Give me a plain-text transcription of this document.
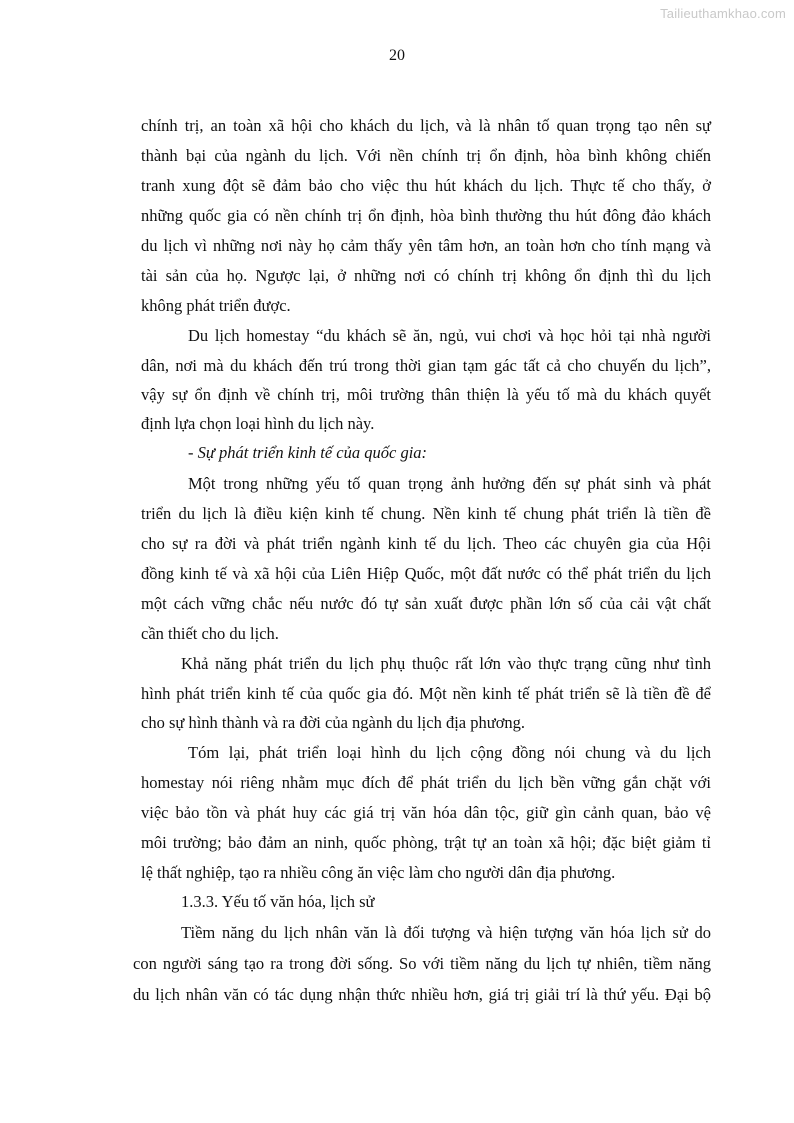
Tailieuthamkhao.com
20
chính trị, an toàn xã hội cho khách du lịch, và là nhân tố quan trọng tạo nên sự
thành bại của ngành du lịch. Với nền chính trị ổn định, hòa bình không chiến
tranh xung đột sẽ đảm bảo cho việc thu hút khách du lịch. Thực tế cho thấy, ở
những quốc gia có nền chính trị ổn định, hòa bình thường thu hút đông đảo khách
du lịch vì những nơi này họ cảm thấy yên tâm hơn, an toàn hơn cho tính mạng và
tài sản của họ. Ngược lại, ở những nơi có chính trị không ổn định thì du lịch
không phát triển được.
Du lịch homestay “du khách sẽ ăn, ngủ, vui chơi và học hỏi tại nhà người
dân, nơi mà du khách đến trú trong thời gian tạm gác tất cả cho chuyến du lịch”,
vậy sự ổn định về chính trị, môi trường thân thiện là yếu tố mà du khách quyết
định lựa chọn loại hình du lịch này.
- Sự phát triển kinh tế của quốc gia:
Một trong những yếu tố quan trọng ảnh hưởng đến sự phát sinh và phát
triển du lịch là điều kiện kinh tế chung. Nền kinh tế chung phát triển là tiền đề
cho sự ra đời và phát triển ngành kinh tế du lịch. Theo các chuyên gia của Hội
đồng kinh tế và xã hội của Liên Hiệp Quốc, một đất nước có thể phát triển du lịch
một cách vững chắc nếu nước đó tự sản xuất được phần lớn số của cải vật chất
cần thiết cho du lịch.
Khả năng phát triển du lịch phụ thuộc rất lớn vào thực trạng cũng như tình
hình phát triển kinh tế của quốc gia đó. Một nền kinh tế phát triển sẽ là tiền đề để
cho sự hình thành và ra đời của ngành du lịch địa phương.
Tóm lại, phát triển loại hình du lịch cộng đồng nói chung và du lịch
homestay nói riêng nhằm mục đích để phát triển du lịch bền vững gắn chặt với
việc bảo tồn và phát huy các giá trị văn hóa dân tộc, giữ gìn cảnh quan, bảo vệ
môi trường; bảo đảm an ninh, quốc phòng, trật tự an toàn xã hội; đặc biệt giảm tỉ
lệ thất nghiệp, tạo ra nhiều công ăn việc làm cho người dân địa phương.
1.3.3. Yếu tố văn hóa, lịch sử
Tiềm năng du lịch nhân văn là đối tượng và hiện tượng văn hóa lịch sử do
con người sáng tạo ra trong đời sống. So với tiềm năng du lịch tự nhiên, tiềm năng
du lịch nhân văn có tác dụng nhận thức nhiều hơn, giá trị giải trí là thứ yếu. Đại bộ
